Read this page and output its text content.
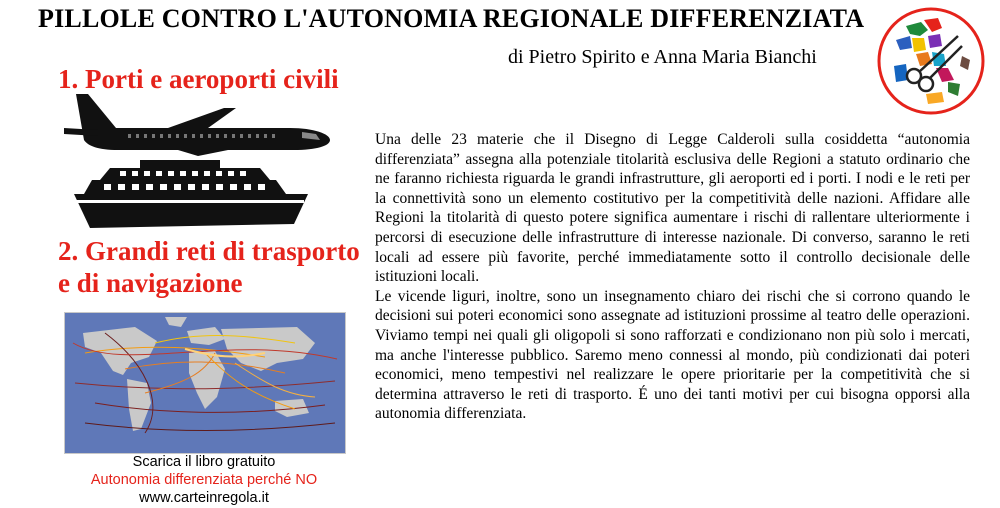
PILLOLE CONTRO L'AUTONOMIA REGIONALE DIFFERENZIATA
di Pietro Spirito e Anna Maria Bianchi
1. Porti e aeroporti civili
2. Grandi reti di trasporto
e di navigazione
Scarica il libro gratuito
Autonomia differenziata perché NO
www.carteinregola.it

Una delle 23 materie che il Disegno di Legge Calderoli sulla cosiddetta “autonomia differenziata” assegna alla potenziale titolarità esclusiva delle Regioni a statuto ordinario che ne faranno richiesta riguarda le grandi infrastrutture, gli aeroporti ed i porti. I nodi e le reti per la connettività sono un elemento costitutivo per la competitività delle nazioni. Affidare alle Regioni la titolarità di questo potere significa aumentare i rischi di rallentare ulteriormente i percorsi di esecuzione delle infrastrutture di interesse nazionale. Di converso, saranno le reti locali ad essere più favorite, perché immediatamente sotto il controllo decisionale delle istituzioni locali.

Le vicende liguri, inoltre, sono un insegnamento chiaro dei rischi che si corrono quando le decisioni sui poteri economici sono assegnate ad istituzioni prossime al teatro delle operazioni. Viviamo tempi nei quali gli oligopoli si sono rafforzati e condizionano non più solo i mercati, ma anche l'interesse pubblico. Saremo meno connessi al mondo, più condizionati dai poteri economici, meno tempestivi nel realizzare le opere prioritarie per la competitività che si determina attraverso le reti di trasporto. É uno dei tanti motivi per cui bisogna opporsi alla autonomia differenziata.
